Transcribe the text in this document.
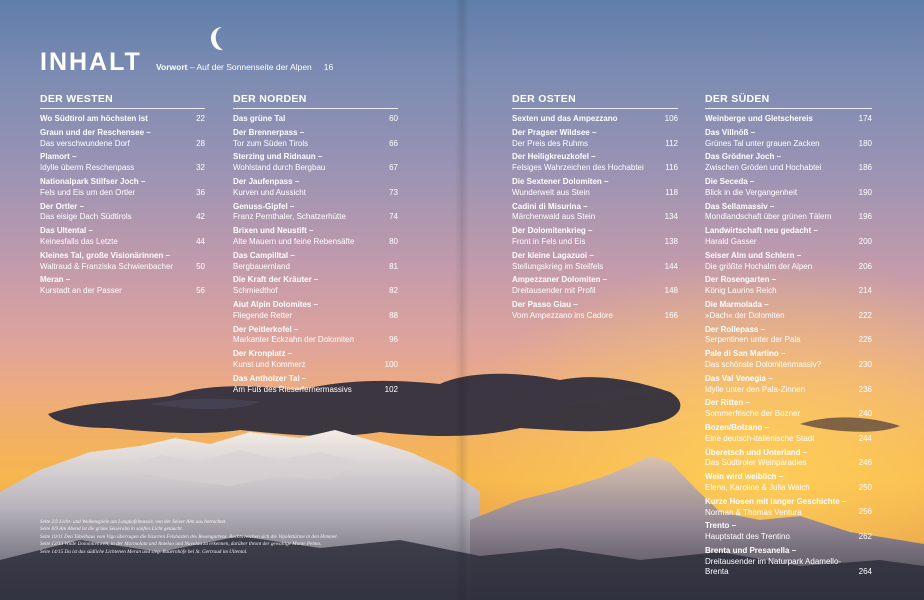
INHALT Vorwort – Auf der Sonnenseite der Alpen 16
DER WESTEN
Wo Südtirol am höchsten ist	22
Graun und der Reschensee –
Das verschwundene Dorf	28
Plamort –
Idylle überm Reschenpass	32
Nationalpark Stilfser Joch –
Fels und Eis um den Ortler	36
Der Ortler –
Das eisige Dach Südtirols	42
Das Ultental –
Keinesfalls das Letzte	44
Kleines Tal, große Visionärinnen –
Waltraud & Franziska Schwienbacher	50
Meran –
Kurstadt an der Passer	56
DER NORDEN
Das grüne Tal	60
Der Brennerpass –
Tor zum Süden Tirols	66
Sterzing und Ridnaun –
Wohlstand durch Bergbau	67
Der Jaufenpass –
Kurven und Aussicht	73
Genuss-Gipfel –
Franz Pernthaler, Schatzerhütte	74
Brixen und Neustift –
Alte Mauern und feine Rebensäfte	80
Das Campilltal –
Bergbauernland	81
Die Kraft der Kräuter –
Schmiedthof	82
Aiut Alpin Dolomites –
Fliegende Retter	88
Der Peitlerkofel –
Markanter Eckzahn der Dolomiten	96
Der Kronplatz –
Kunst und Kommerz	100
Das Antholzer Tal –
Am Fuß des Rieserfernermassivs	102
DER OSTEN
Sexten und das Ampezzano	106
Der Pragser Wildsee –
Der Preis des Ruhms	112
Der Heiligkreuzkofel –
Felsiges Wahrzeichen des Hochabtei	116
Die Sextener Dolomiten –
Wunderwelt aus Stein	118
Cadini di Misurina –
Märchenwald aus Stein	134
Der Dolomitenkrieg –
Front in Fels und Eis	138
Der kleine Lagazuoi –
Stellungskrieg im Steilfels	144
Ampezzaner Dolomiten –
Dreitausender mit Profil	148
Der Passo Giau –
Vom Ampezzano ins Cadore	166
DER SÜDEN
Weinberge und Gletschereis	174
Das Villnöß –
Grünes Tal unter grauen Zacken	180
Das Grödner Joch –
Zwischen Gröden und Hochabtei	186
Die Seceda –
Blick in die Vergangenheit	190
Das Sellamassiv –
Mondlandschaft über grünen Tälern	196
Landwirtschaft neu gedacht –
Harald Gasser	200
Seiser Alm und Schlern –
Die größte Hochalm der Alpen	206
Der Rosengarten –
König Laurins Reich	214
Die Marmolada –
»Dach« der Dolomiten	222
Der Rollepass –
Serpentinen unter der Pala	226
Pale di San Martino –
Das schönste Dolomitenmassiv?	230
Das Val Venegia –
Idylle unter den Pala-Zinnen	236
Der Ritten –
Sommerfrische der Bozner	240
Bozen/Bolzano –
Eine deutsch-italienische Stadt	244
Überetsch und Unterland –
Das Südtiroler Weinparadies	246
Wein wird weiblich –
Elena, Karoline & Julia Walch	250
Kurze Hosen mit langer Geschichte –
Norman & Thomas Ventura	256
Trento –
Hauptstadt des Trentino	262
Brenta und Presanella –
Dreitausender im Naturpark Adamello-Brenta	264
Seite 2/3 Licht- und Wolkenspiele am Langkofelmassiv, von der Seiser Alm aus betrachtet
Seite 8/9 Am Abend ist die grüne Seiseralm in sanftes Licht getaucht.
Seite 10/11 Den Tabelhaus vom Vigo überragen die bizarren Felsbasten des Rosengartens. Rechts reichen sich die Vajolettürme in den Himmel.
Seite 12/13 Wilde Dolomitenwelt, in der Marmolata und Antelao und Nuvolau zu erkennen, darüber thront der gewaltige Monte Pelmo.
Seite 14/15 Da ist das südliche Lichtenen Meran und sieg. Bauernhöfe bei St. Gertraud im Ultental.
